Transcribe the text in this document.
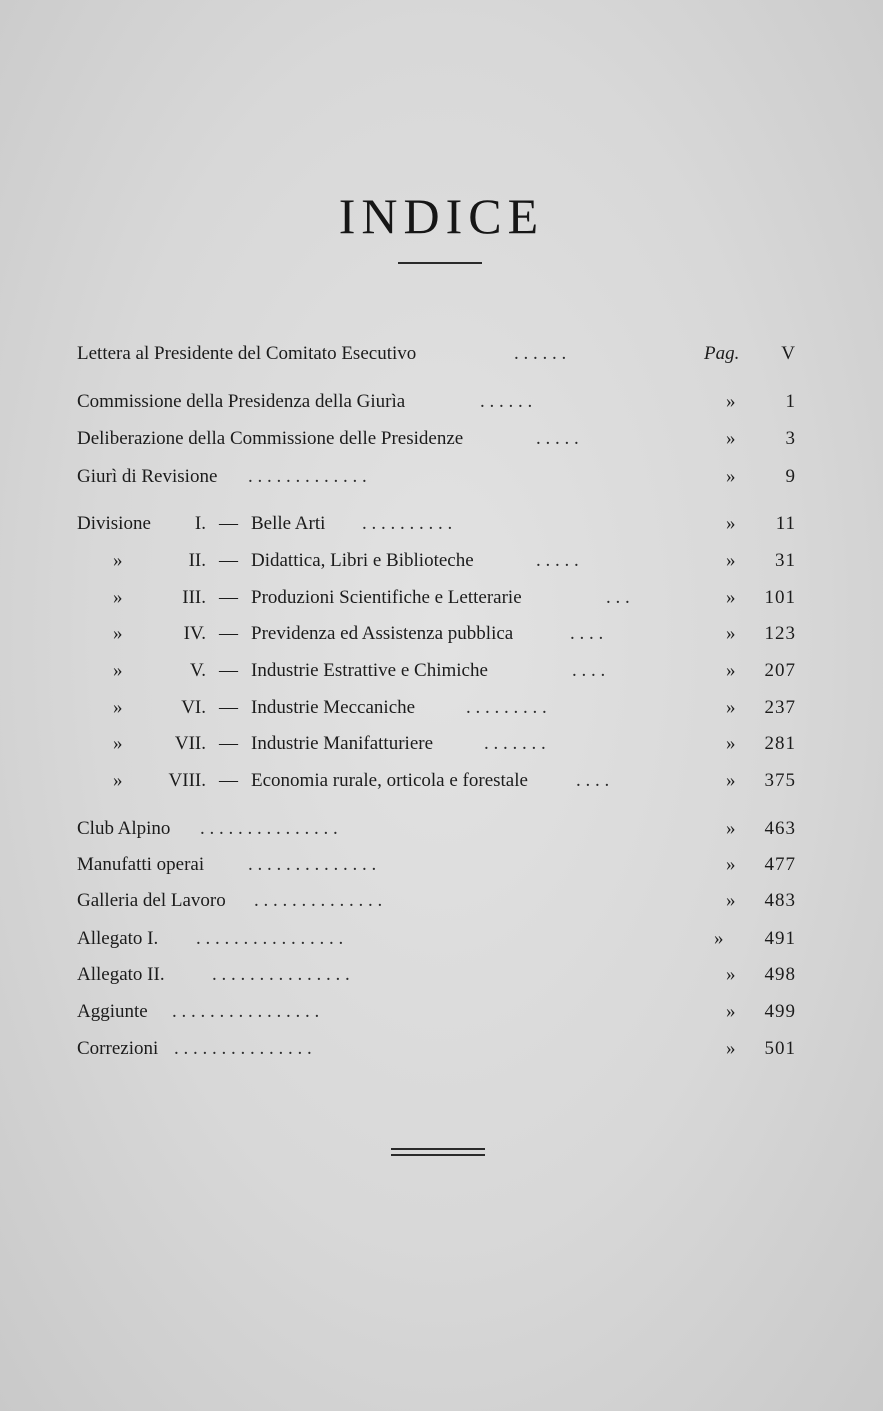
INDICE
Lettera al Presidente del Comitato Esecutivo	. . . . . .	Pag.	V
Commissione della Presidenza della Giurìa	. . . . . .	»	1
Deliberazione della Commissione delle Presidenze	. . . . .	»	3
Giurì di Revisione . . . . . . . . . . . . .	»	9
Divisione	I. — Belle Arti . . . . . . . . . .	»	11
»	II. — Didattica, Libri e Biblioteche	. . . . .	»	31
»	III. — Produzioni Scientifiche e Letterarie	. . .	»	101
»	IV. — Previdenza ed Assistenza pubblica	. . . .	»	123
»	V. — Industrie Estrattive e Chimiche	. . . .	»	207
»	VI. — Industrie Meccaniche	. . . . . . . . .	»	237
»	VII. — Industrie Manifatturiere	. . . . . . .	»	281
»	VIII. — Economia rurale, orticola e forestale	. . . .	»	375
Club Alpino . . . . . . . . . . . . . . .	»	463
Manufatti operai . . . . . . . . . . . . . .	»	477
Galleria del Lavoro . . . . . . . . . . . . . .	»	483
Allegato I. . . . . . . . . . . . . . . . .	»	491
Allegato II. . . . . . . . . . . . . . . .	»	498
Aggiunte . . . . . . . . . . . . . . . .	»	499
Correzioni . . . . . . . . . . . . . . .	»	501
